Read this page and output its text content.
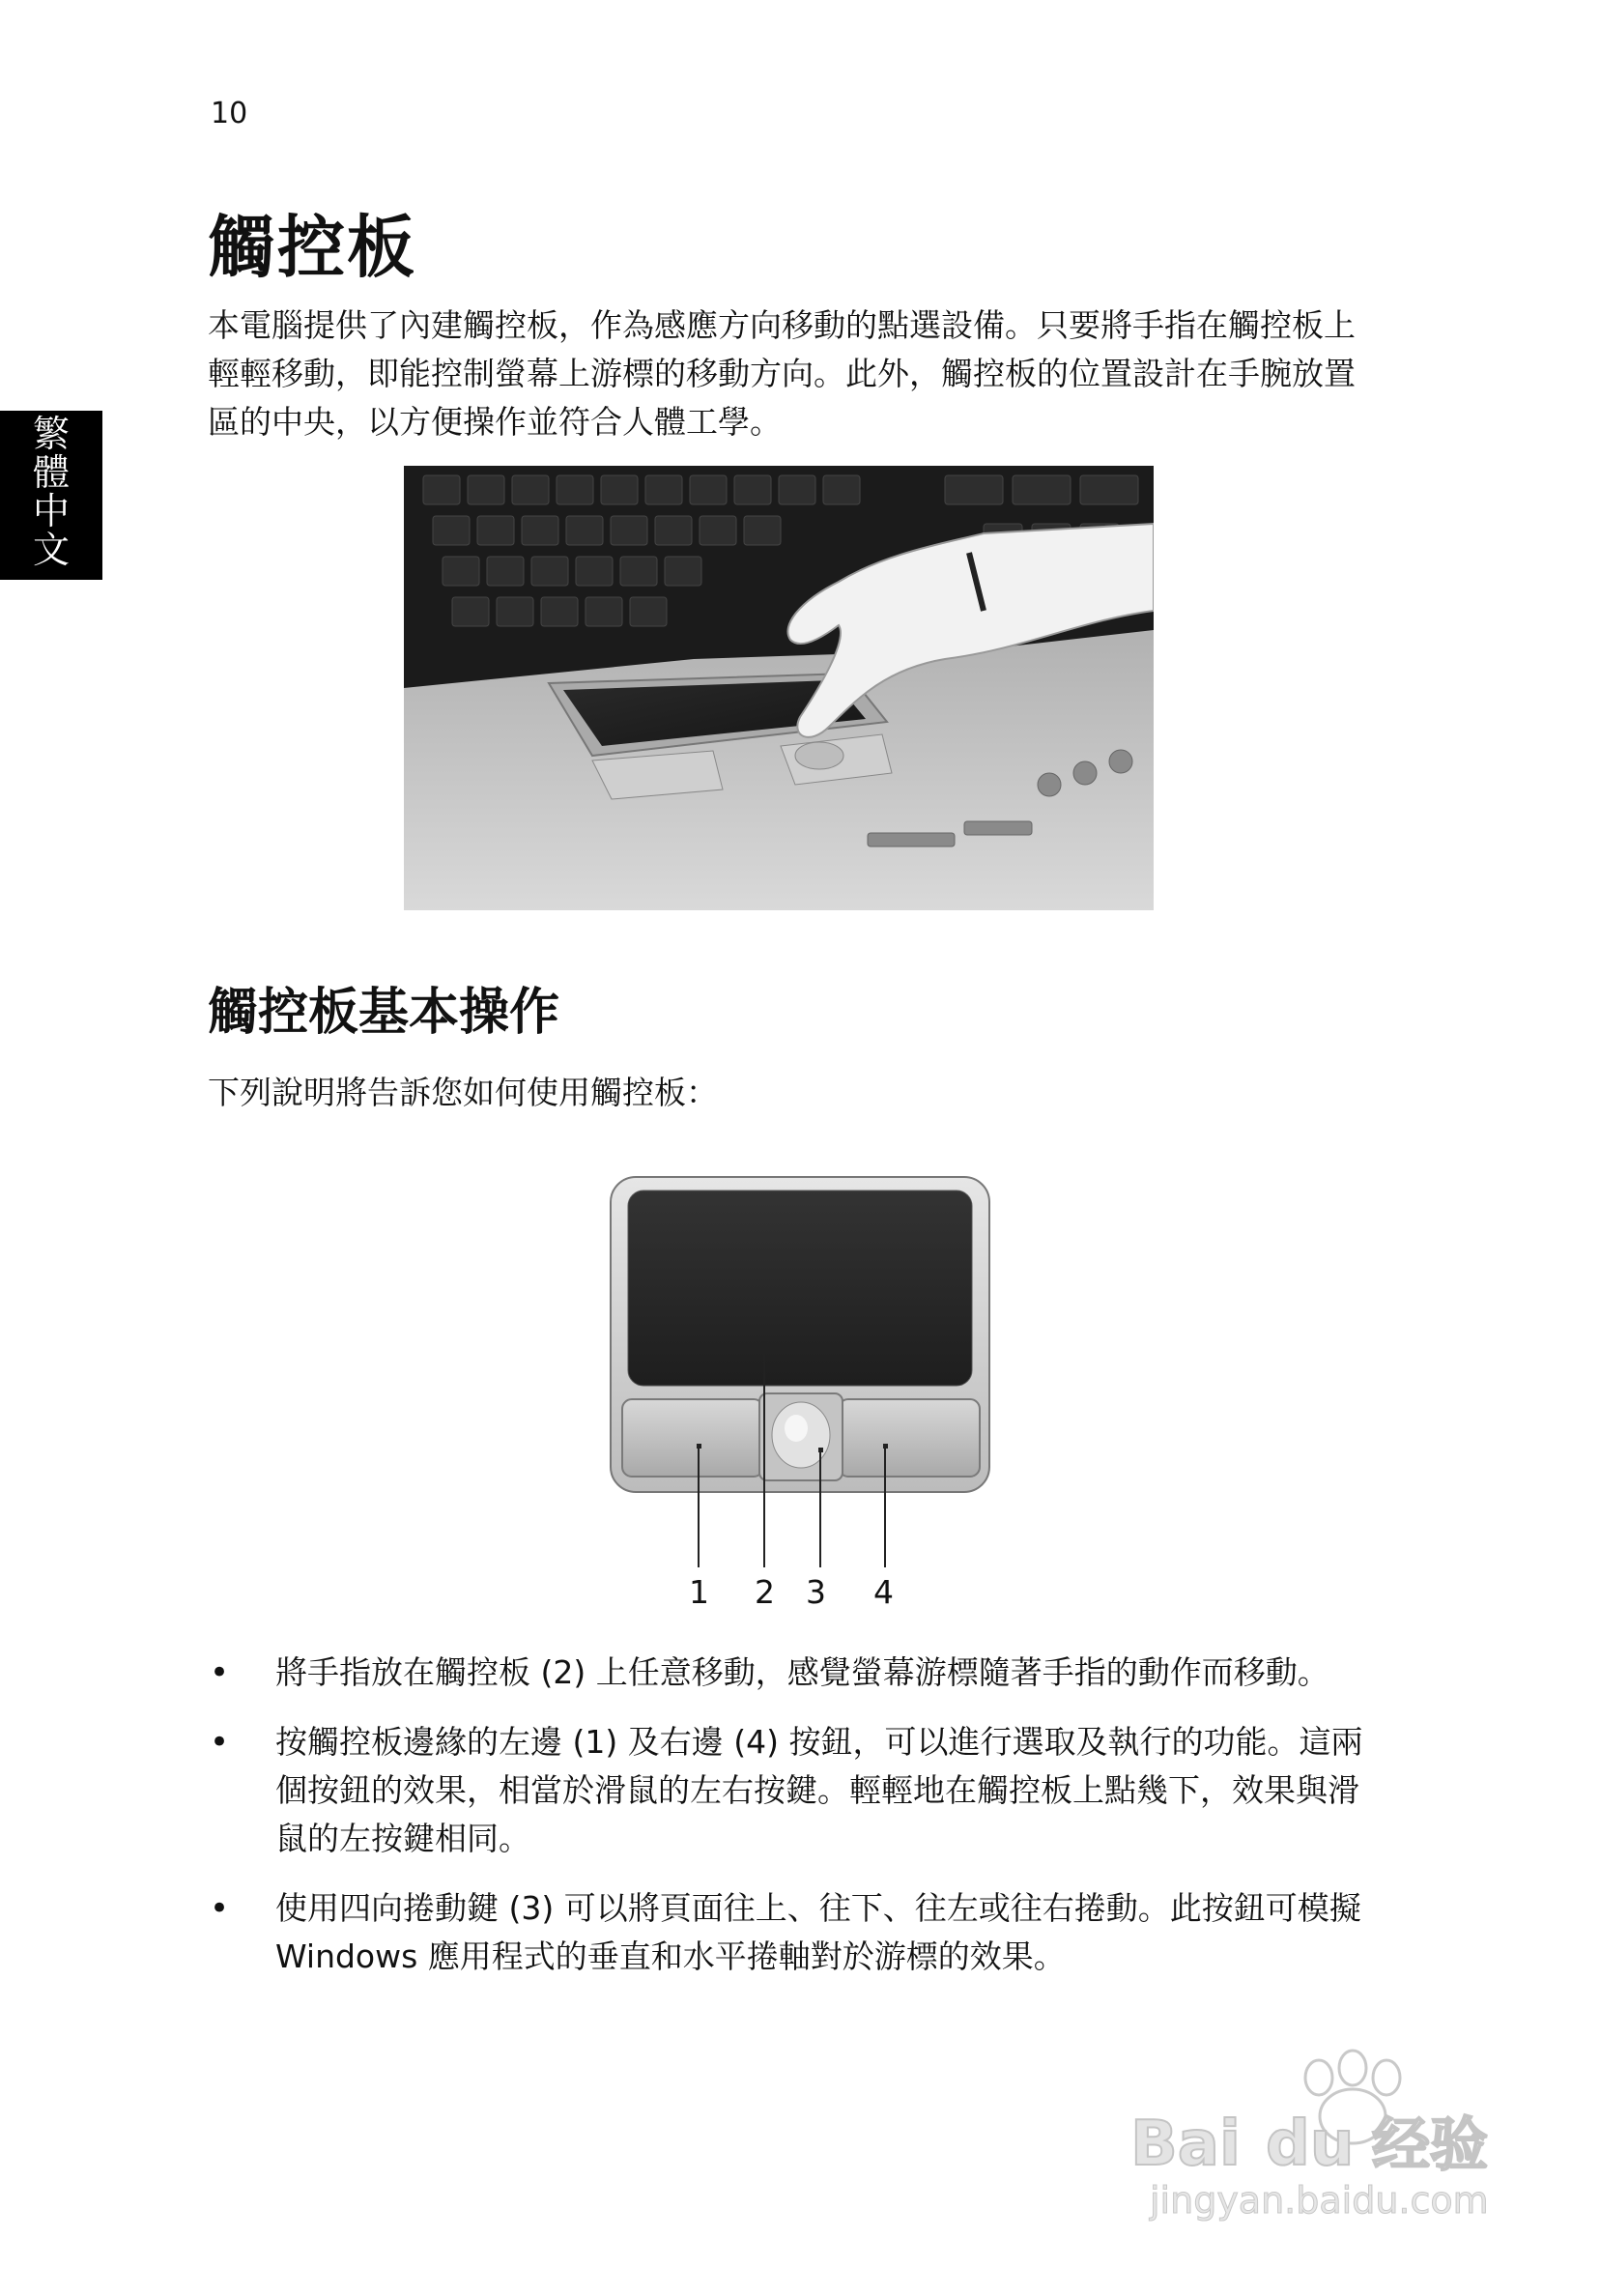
10
繁
體
中
文
觸控板

本電腦提供了內建觸控板，作為感應方向移動的點選設備。只要將手指在觸控板上輕輕移動，即能控制螢幕上游標的移動方向。此外，觸控板的位置設計在手腕放置區的中央，以方便操作並符合人體工學。

觸控板基本操作

下列說明將告訴您如何使用觸控板：

1 2 3 4
• 將手指放在觸控板 (2) 上任意移動，感覺螢幕游標隨著手指的動作而移動。
• 按觸控板邊緣的左邊 (1) 及右邊 (4) 按鈕，可以進行選取及執行的功能。這兩個按鈕的效果，相當於滑鼠的左右按鍵。輕輕地在觸控板上點幾下，效果與滑鼠的左按鍵相同。
• 使用四向捲動鍵 (3) 可以將頁面往上、往下、往左或往右捲動。此按鈕可模擬 Windows 應用程式的垂直和水平捲軸對於游標的效果。
Bai du 经验
jingyan.baidu.com
